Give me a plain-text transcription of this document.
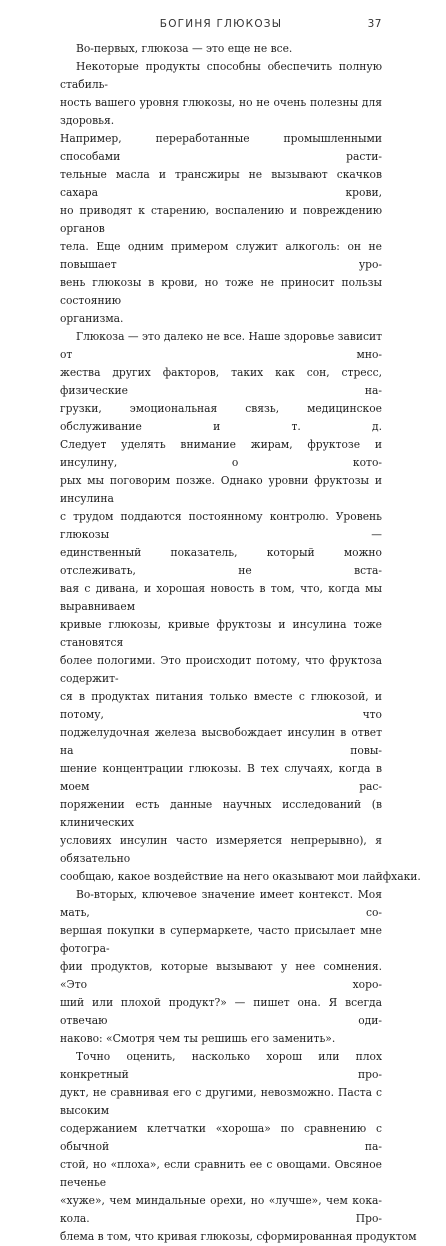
БОГИНЯ ГЛЮКОЗЫ	37

Во-первых, глюкоза — это еще не все.

Некоторые продукты способны обеспечить полную стабиль-
ность вашего уровня глюкозы, но не очень полезны для здоровья.
Например, переработанные промышленными способами расти-
тельные масла и трансжиры не вызывают скачков сахара крови,
но приводят к старению, воспалению и повреждению органов
тела. Еще одним примером служит алкоголь: он не повышает уро-
вень глюкозы в крови, но тоже не приносит пользы состоянию
организма.

Глюкоза — это далеко не все. Наше здоровье зависит от мно-
жества других факторов, таких как сон, стресс, физические на-
грузки, эмоциональная связь, медицинское обслуживание и т. д.
Следует уделять внимание жирам, фруктозе и инсулину, о кото-
рых мы поговорим позже. Однако уровни фруктозы и инсулина
с трудом поддаются постоянному контролю. Уровень глюкозы —
единственный показатель, который можно отслеживать, не вста-
вая с дивана, и хорошая новость в том, что, когда мы выравниваем
кривые глюкозы, кривые фруктозы и инсулина тоже становятся
более пологими. Это происходит потому, что фруктоза содержит-
ся в продуктах питания только вместе с глюкозой, и потому, что
поджелудочная железа высвобождает инсулин в ответ на повы-
шение концентрации глюкозы. В тех случаях, когда в моем рас-
поряжении есть данные научных исследований (в клинических
условиях инсулин часто измеряется непрерывно), я обязательно
сообщаю, какое воздействие на него оказывают мои лайфхаки.

Во-вторых, ключевое значение имеет контекст. Моя мать, со-
вершая покупки в супермаркете, часто присылает мне фотогра-
фии продуктов, которые вызывают у нее сомнения. «Это хоро-
ший или плохой продукт?» — пишет она. Я всегда отвечаю оди-
наково: «Смотря чем ты решишь его заменить».

Точно оценить, насколько хорош или плох конкретный про-
дукт, не сравнивая его с другими, невозможно. Паста с высоким
содержанием клетчатки «хороша» по сравнению с обычной па-
стой, но «плоха», если сравнить ее с овощами. Овсяное печенье
«хуже», чем миндальные орехи, но «лучше», чем кока-кола. Про-
блема в том, что кривая глюкозы, сформированная продуктом
